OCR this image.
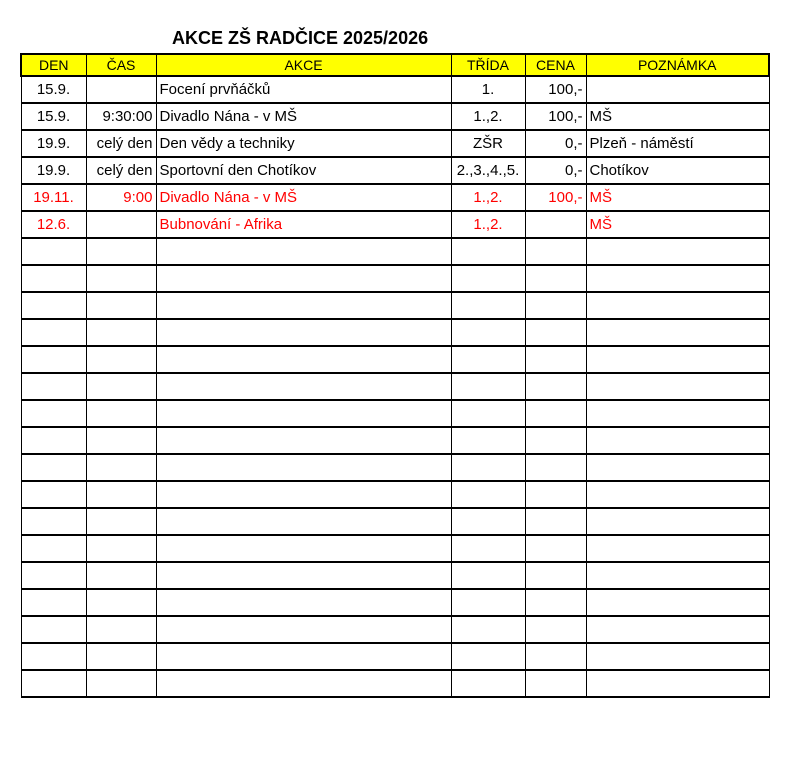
AKCE ZŠ RADČICE 2025/2026
DEN	ČAS	AKCE	TŘÍDA	CENA	POZNÁMKA
15.9.		Focení prvňáčků	1.	100,-	
15.9.	9:30:00	Divadlo Nána - v MŠ	1.,2.	100,-	MŠ
19.9.	celý den	Den vědy a techniky	ZŠR	0,-	Plzeň - náměstí
19.9.	celý den	Sportovní den Chotíkov	2.,3.,4.,5.	0,-	Chotíkov
19.11.	9:00	Divadlo Nána - v MŠ	1.,2.	100,-	MŠ
12.6.		Bubnování - Afrika	1.,2.		MŠ
